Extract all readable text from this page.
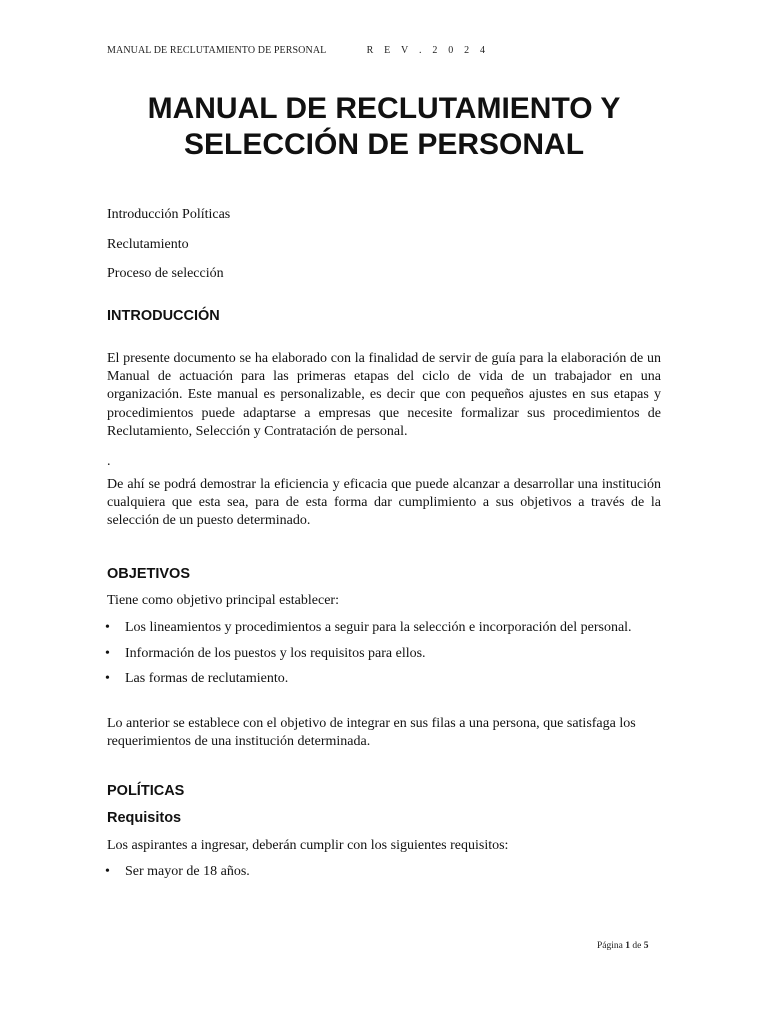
MANUAL DE RECLUTAMIENTO DE PERSONAL	R E V . 2 0 2 4
MANUAL DE RECLUTAMIENTO Y
SELECCIÓN DE PERSONAL
Introducción Políticas
Reclutamiento
Proceso de selección
INTRODUCCIÓN

El presente documento se ha elaborado con la finalidad de servir de guía para la elaboración de un Manual de actuación para las primeras etapas del ciclo de vida de un trabajador en una organización. Este manual es personalizable, es decir que con pequeños ajustes en sus etapas y procedimientos puede adaptarse a empresas que necesite formalizar sus procedimientos de Reclutamiento, Selección y Contratación de personal.

.

De ahí se podrá demostrar la eficiencia y eficacia que puede alcanzar a desarrollar una institución cualquiera que esta sea, para de esta forma dar cumplimiento a sus objetivos a través de la selección de un puesto determinado.

OBJETIVOS

Tiene como objetivo principal establecer:

• Los lineamientos y procedimientos a seguir para la selección e incorporación del personal.
• Información de los puestos y los requisitos para ellos.
• Las formas de reclutamiento.

Lo anterior se establece con el objetivo de integrar en sus filas a una persona, que satisfaga los requerimientos de una institución determinada.

POLÍTICAS
Requisitos

Los aspirantes a ingresar, deberán cumplir con los siguientes requisitos:

• Ser mayor de 18 años.
Página 1 de 5
